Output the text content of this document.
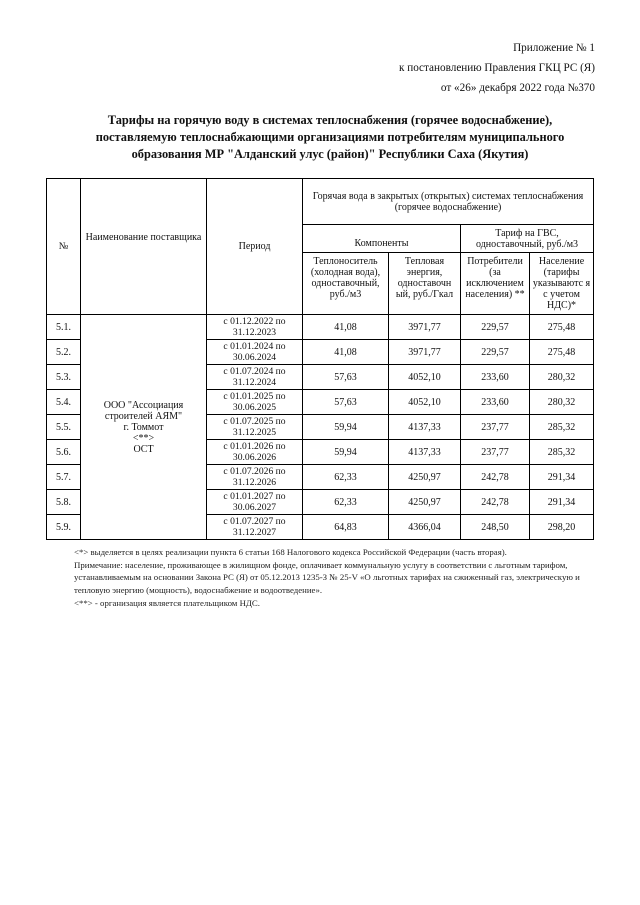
Приложение № 1
к постановлению Правления ГКЦ РС (Я)
от «26» декабря 2022 года №370
Тарифы на горячую воду в системах теплоснабжения (горячее водоснабжение),
поставляемую теплоснабжающими организациями потребителям муниципального
образования МР "Алданский улус (район)" Республики Саха (Якутия)
№	Наименование поставщика	Период	Горячая вода в закрытых (открытых) системах теплоснабжения (горячее водоснабжение)			
			Компоненты		Тариф на ГВС, одноставочный, руб./м3	
			Теплоноситель (холодная вода), одноставочный, руб./м3	Тепловая энергия, одноставочн ый, руб./Гкал	Потребители (за исключением населения) **	Население (тарифы указываютс я с учетом НДС)*
5.1.	ООО "Ассоциация строителей АЯМ"
г. Томмот
<**>
ОСТ	с 01.12.2022 по 31.12.2023	41,08	3971,77	229,57	275,48
5.2.		с 01.01.2024 по 30.06.2024	41,08	3971,77	229,57	275,48
5.3.		с 01.07.2024 по 31.12.2024	57,63	4052,10	233,60	280,32
5.4.		с 01.01.2025 по 30.06.2025	57,63	4052,10	233,60	280,32
5.5.		с 01.07.2025 по 31.12.2025	59,94	4137,33	237,77	285,32
5.6.		с 01.01.2026 по 30.06.2026	59,94	4137,33	237,77	285,32
5.7.		с 01.07.2026 по 31.12.2026	62,33	4250,97	242,78	291,34
5.8.		с 01.01.2027 по 30.06.2027	62,33	4250,97	242,78	291,34
5.9.		с 01.07.2027 по 31.12.2027	64,83	4366,04	248,50	298,20
<*> выделяется в целях реализации пункта 6 статьи 168 Налогового кодекса Российской Федерации (часть вторая).
Примечание: население, проживающее в жилищном фонде, оплачивает коммунальную услугу в соответствии с льготным тарифом, устанавливаемым на основании Закона РС (Я) от 05.12.2013 1235-З № 25-V «О льготных тарифах на сжиженный газ, электрическую и тепловую энергию (мощность), водоснабжение и водоотведение».
<**> - организация является плательщиком НДС.
